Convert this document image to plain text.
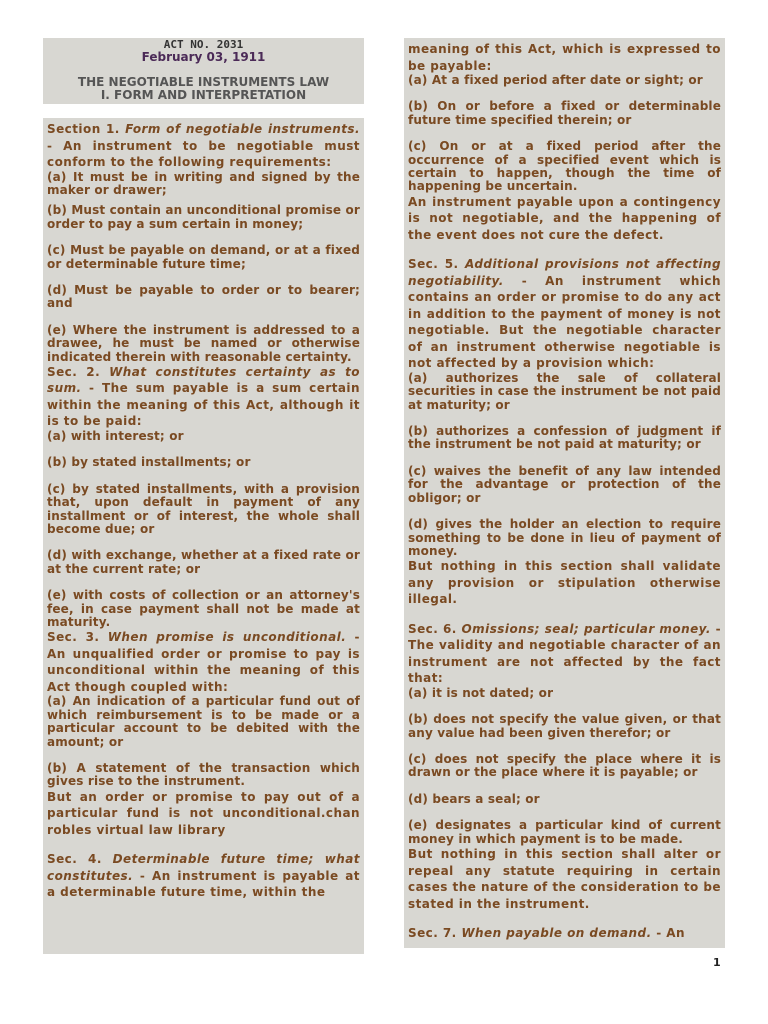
ACT NO. 2031
February 03, 1911
THE NEGOTIABLE INSTRUMENTS LAW
I. FORM AND INTERPRETATION
Section 1. Form of negotiable instruments. - An instrument to be negotiable must conform to the following requirements:
(a) It must be in writing and signed by the maker or drawer;
(b) Must contain an unconditional promise or order to pay a sum certain in money;
(c) Must be payable on demand, or at a fixed or determinable future time;
(d) Must be payable to order or to bearer; and
(e) Where the instrument is addressed to a drawee, he must be named or otherwise indicated therein with reasonable certainty.
Sec. 2. What constitutes certainty as to sum. - The sum payable is a sum certain within the meaning of this Act, although it is to be paid:
(a) with interest; or
(b) by stated installments; or
(c) by stated installments, with a provision that, upon default in payment of any installment or of interest, the whole shall become due; or
(d) with exchange, whether at a fixed rate or at the current rate; or
(e) with costs of collection or an attorney's fee, in case payment shall not be made at maturity.
Sec. 3. When promise is unconditional. - An unqualified order or promise to pay is unconditional within the meaning of this Act though coupled with:
(a) An indication of a particular fund out of which reimbursement is to be made or a particular account to be debited with the amount; or
(b) A statement of the transaction which gives rise to the instrument.
But an order or promise to pay out of a particular fund is not unconditional.chan robles virtual law library
Sec. 4. Determinable future time; what constitutes. - An instrument is payable at a determinable future time, within the
meaning of this Act, which is expressed to be payable:
(a) At a fixed period after date or sight; or
(b) On or before a fixed or determinable future time specified therein; or
(c) On or at a fixed period after the occurrence of a specified event which is certain to happen, though the time of happening be uncertain.
An instrument payable upon a contingency is not negotiable, and the happening of the event does not cure the defect.
Sec. 5. Additional provisions not affecting negotiability. - An instrument which contains an order or promise to do any act in addition to the payment of money is not negotiable. But the negotiable character of an instrument otherwise negotiable is not affected by a provision which:
(a) authorizes the sale of collateral securities in case the instrument be not paid at maturity; or
(b) authorizes a confession of judgment if the instrument be not paid at maturity; or
(c) waives the benefit of any law intended for the advantage or protection of the obligor; or
(d) gives the holder an election to require something to be done in lieu of payment of money.
But nothing in this section shall validate any provision or stipulation otherwise illegal.
Sec. 6. Omissions; seal; particular money. - The validity and negotiable character of an instrument are not affected by the fact that:
(a) it is not dated; or
(b) does not specify the value given, or that any value had been given therefor; or
(c) does not specify the place where it is drawn or the place where it is payable; or
(d) bears a seal; or
(e) designates a particular kind of current money in which payment is to be made.
But nothing in this section shall alter or repeal any statute requiring in certain cases the nature of the consideration to be stated in the instrument.
Sec. 7. When payable on demand. - An
1
